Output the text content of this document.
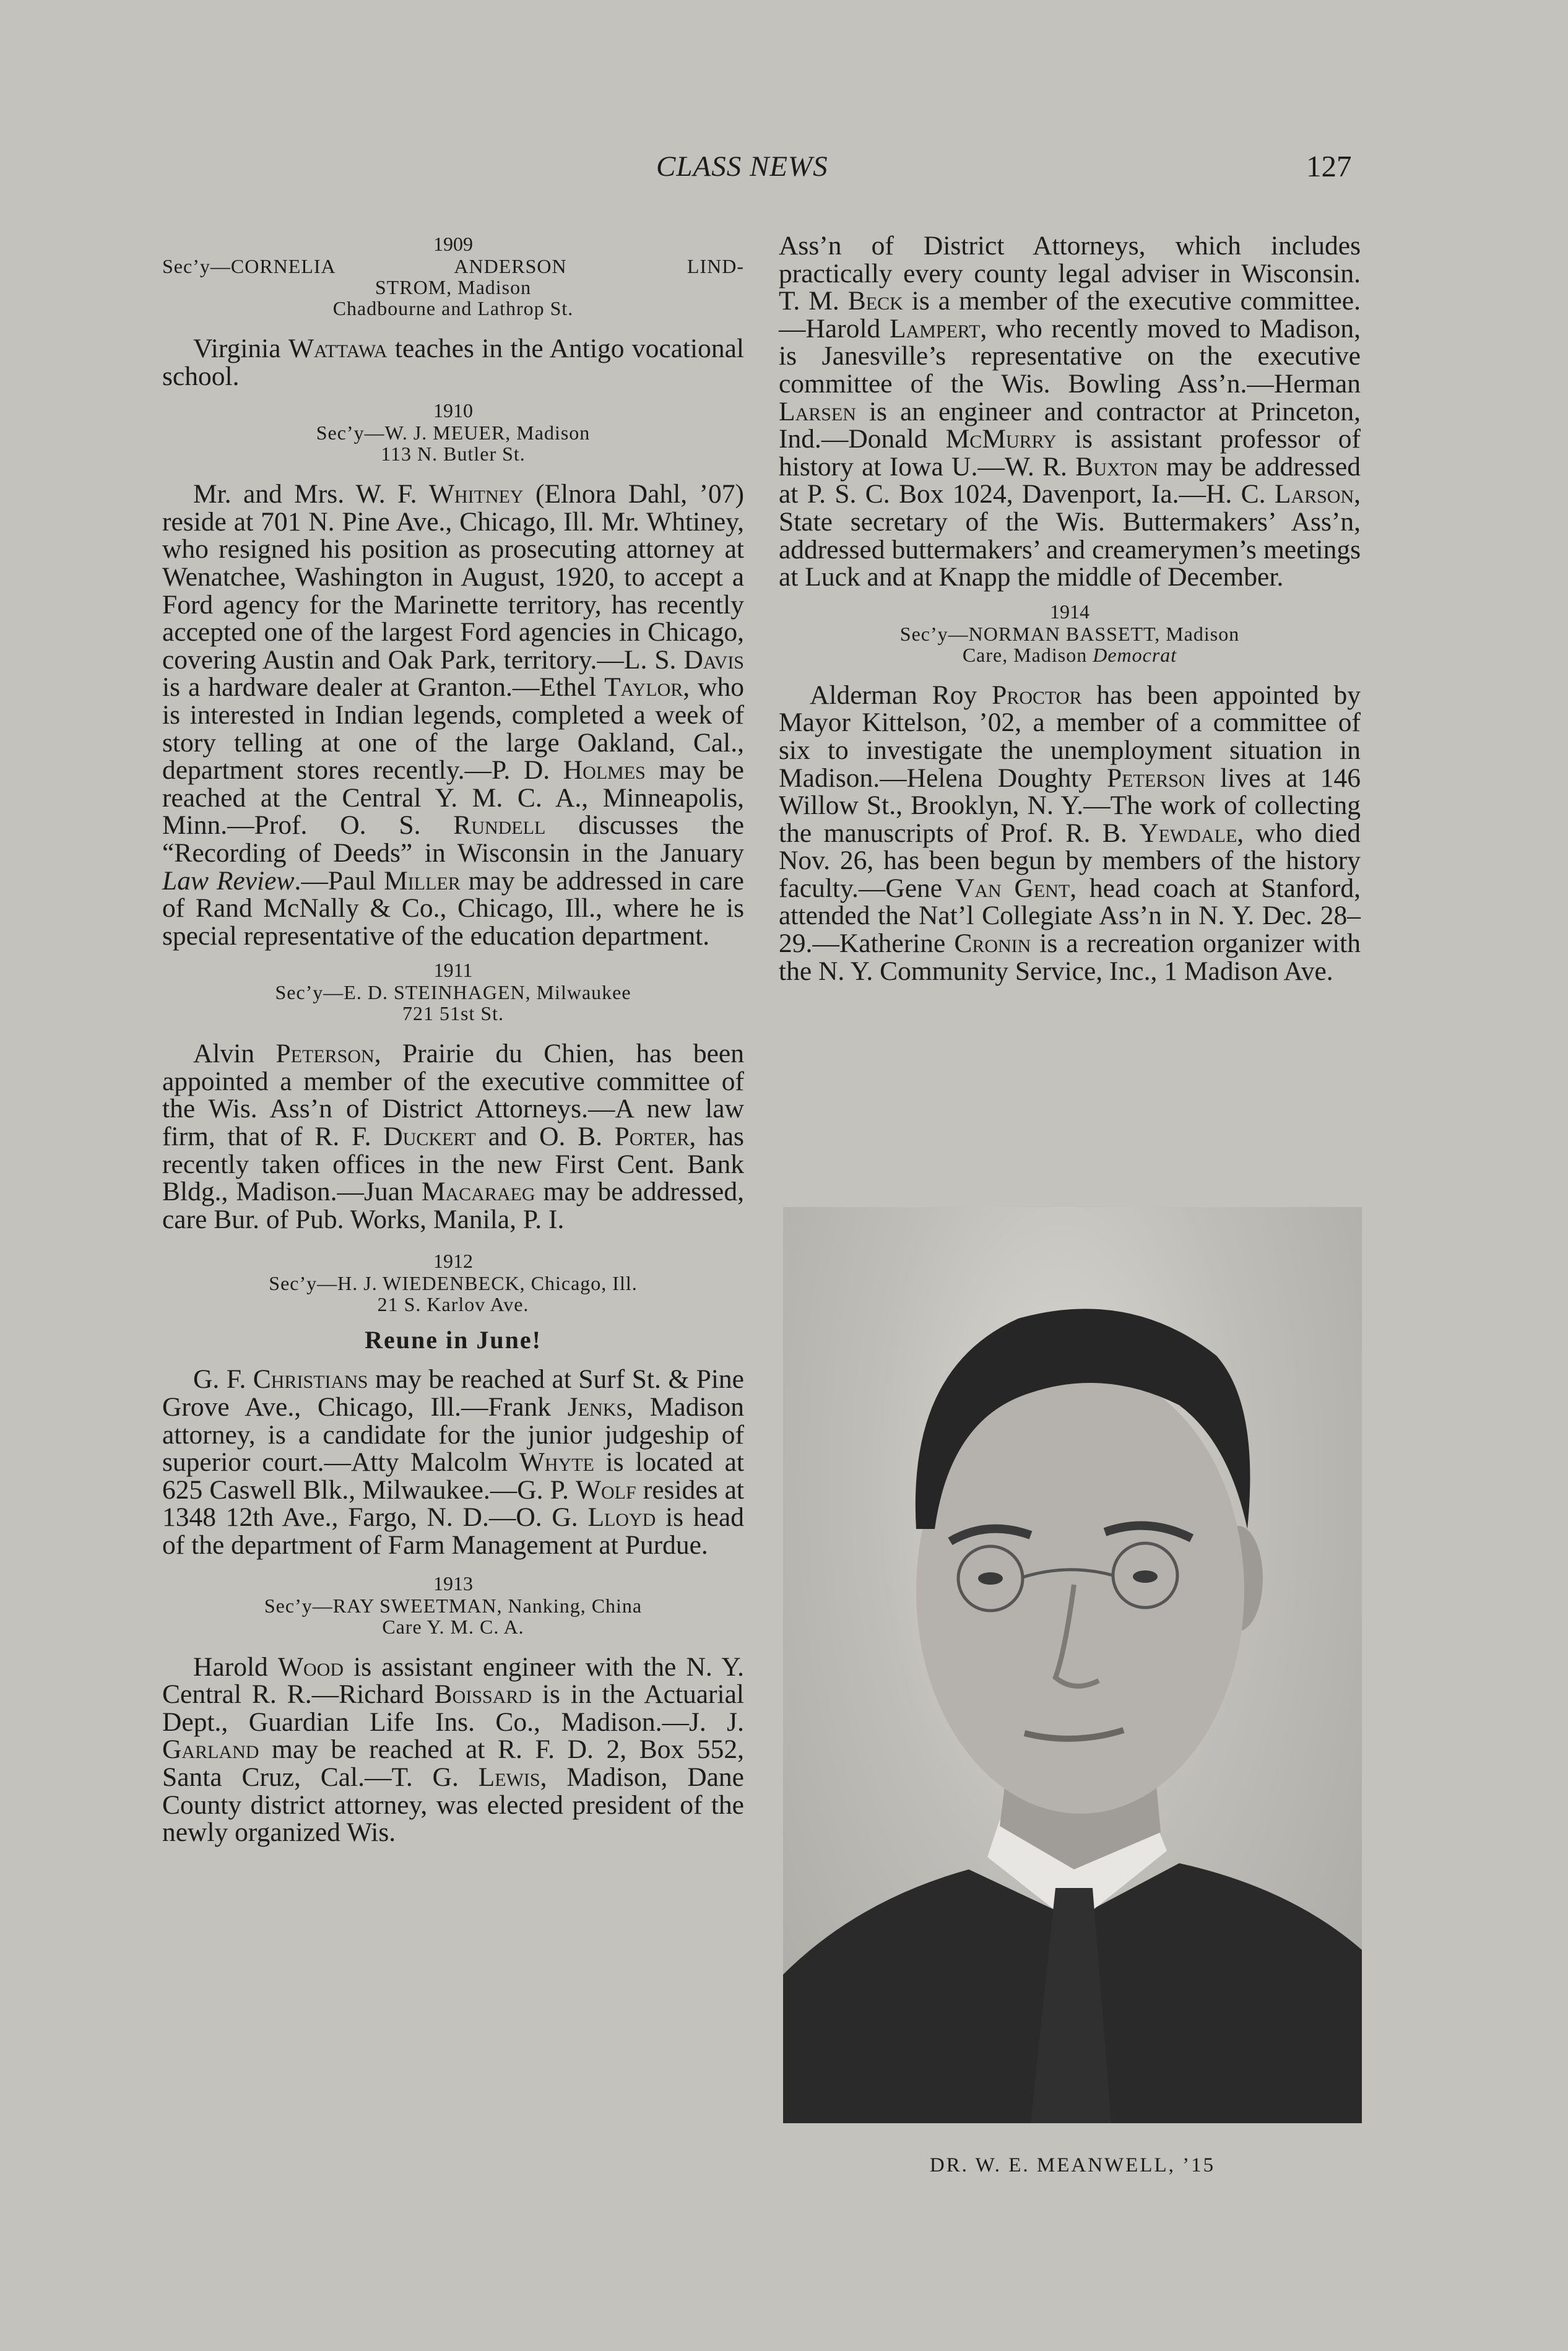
CLASS NEWS	127

1909

Sec’y—CORNELIA ANDERSON LIND-

STROM, Madison

Chadbourne and Lathrop St.

Virginia Wattawa teaches in the Antigo vocational school.

1910

Sec’y—W. J. MEUER, Madison

113 N. Butler St.

Mr. and Mrs. W. F. Whitney (Elnora Dahl, ’07) reside at 701 N. Pine Ave., Chicago, Ill. Mr. Whtiney, who resigned his position as prosecuting attorney at Wenatchee, Washington in August, 1920, to accept a Ford agency for the Marinette territory, has recently accepted one of the largest Ford agencies in Chicago, covering Austin and Oak Park, territory.—L. S. Davis is a hardware dealer at Granton.—Ethel Taylor, who is interested in Indian legends, completed a week of story telling at one of the large Oakland, Cal., department stores recently.—P. D. Holmes may be reached at the Central Y. M. C. A., Minneapolis, Minn.—Prof. O. S. Rundell discusses the “Recording of Deeds” in Wisconsin in the January Law Review.—Paul Miller may be addressed in care of Rand McNally & Co., Chicago, Ill., where he is special representative of the education department.

1911

Sec’y—E. D. STEINHAGEN, Milwaukee

721 51st St.

Alvin Peterson, Prairie du Chien, has been appointed a member of the executive committee of the Wis. Ass’n of District Attorneys.—A new law firm, that of R. F. Duckert and O. B. Porter, has recently taken offices in the new First Cent. Bank Bldg., Madison.—Juan Macaraeg may be addressed, care Bur. of Pub. Works, Manila, P. I.

1912

Sec’y—H. J. WIEDENBECK, Chicago, Ill.

21 S. Karlov Ave.

Reune in June!

G. F. Christians may be reached at Surf St. & Pine Grove Ave., Chicago, Ill.—Frank Jenks, Madison attorney, is a candidate for the junior judgeship of superior court.—Atty Malcolm Whyte is located at 625 Caswell Blk., Milwaukee.—G. P. Wolf resides at 1348 12th Ave., Fargo, N. D.—O. G. Lloyd is head of the department of Farm Management at Purdue.

1913

Sec’y—RAY SWEETMAN, Nanking, China

Care Y. M. C. A.

Harold Wood is assistant engineer with the N. Y. Central R. R.—Richard Boissard is in the Actuarial Dept., Guardian Life Ins. Co., Madison.—J. J. Garland may be reached at R. F. D. 2, Box 552, Santa Cruz, Cal.—T. G. Lewis, Madison, Dane County district attorney, was elected president of the newly organized Wis.

Ass’n of District Attorneys, which includes practically every county legal adviser in Wisconsin. T. M. Beck is a member of the executive committee.—Harold Lampert, who recently moved to Madison, is Janesville’s representative on the executive committee of the Wis. Bowling Ass’n.—Herman Larsen is an engineer and contractor at Princeton, Ind.—Donald McMurry is assistant professor of history at Iowa U.—W. R. Buxton may be addressed at P. S. C. Box 1024, Davenport, Ia.—H. C. Larson, State secretary of the Wis. Buttermakers’ Ass’n, addressed buttermakers’ and creamerymen’s meetings at Luck and at Knapp the middle of December.

1914

Sec’y—NORMAN BASSETT, Madison

Care, Madison Democrat

Alderman Roy Proctor has been appointed by Mayor Kittelson, ’02, a member of a committee of six to investigate the unemployment situation in Madison.—Helena Doughty Peterson lives at 146 Willow St., Brooklyn, N. Y.—The work of collecting the manuscripts of Prof. R. B. Yewdale, who died Nov. 26, has been begun by members of the history faculty.—Gene Van Gent, head coach at Stanford, attended the Nat’l Collegiate Ass’n in N. Y. Dec. 28–29.—Katherine Cronin is a recreation organizer with the N. Y. Community Service, Inc., 1 Madison Ave.

DR. W. E. MEANWELL, ’15
